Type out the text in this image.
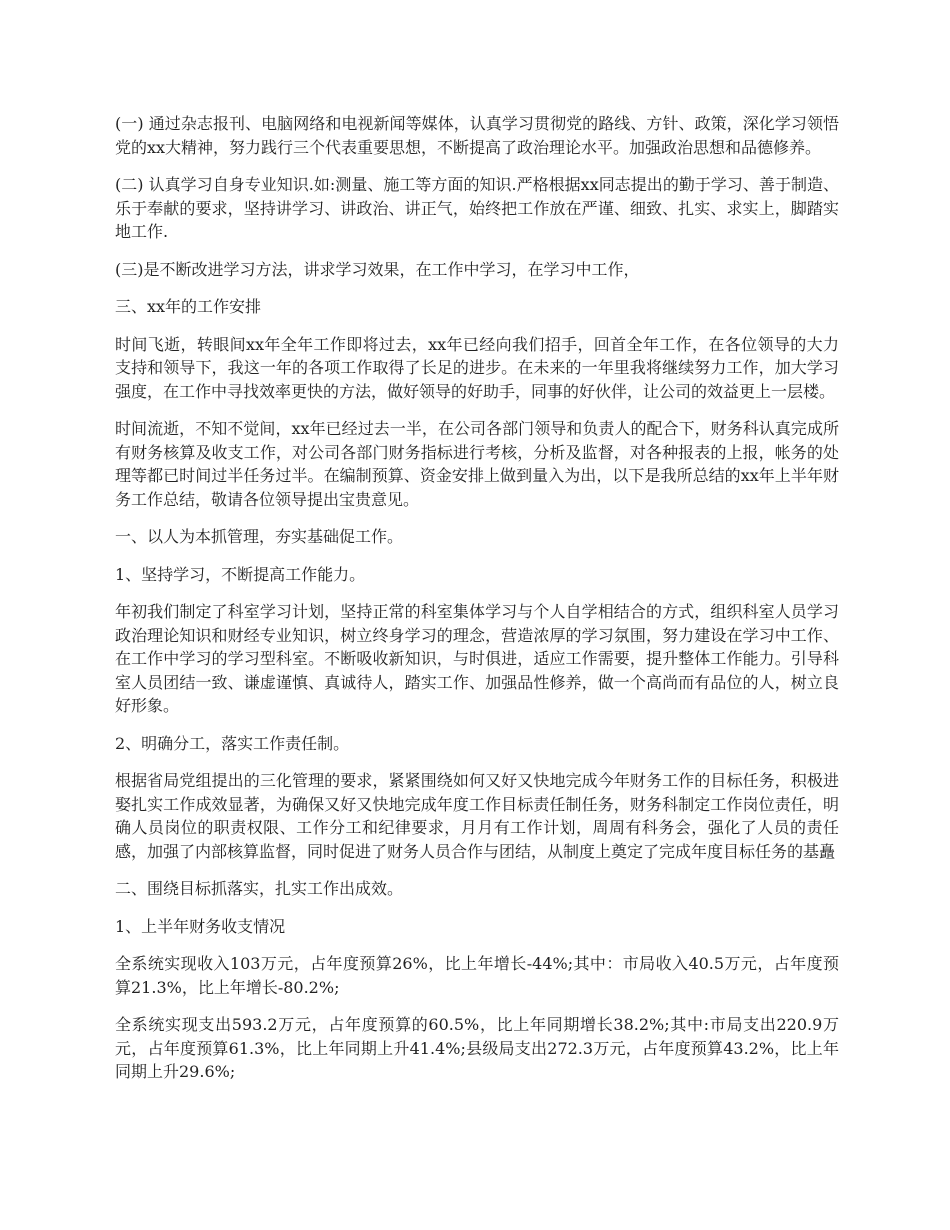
(一) 通过杂志报刊、电脑网络和电视新闻等媒体，认真学习贯彻党的路线、方针、政策，深化学习领悟党的xx大精神，努力践行三个代表重要思想，不断提高了政治理论水平。加强政治思想和品德修养。

(二) 认真学习自身专业知识.如:测量、施工等方面的知识.严格根据xx同志提出的勤于学习、善于制造、乐于奉献的要求，坚持讲学习、讲政治、讲正气，始终把工作放在严谨、细致、扎实、求实上，脚踏实地工作.

(三)是不断改进学习方法，讲求学习效果，在工作中学习，在学习中工作，

三、xx年的工作安排

时间飞逝，转眼间xx年全年工作即将过去，xx年已经向我们招手，回首全年工作，在各位领导的大力支持和领导下，我这一年的各项工作取得了长足的进步。在未来的一年里我将继续努力工作，加大学习强度，在工作中寻找效率更快的方法，做好领导的好助手，同事的好伙伴，让公司的效益更上一层楼。

时间流逝，不知不觉间，xx年已经过去一半，在公司各部门领导和负责人的配合下，财务科认真完成所有财务核算及收支工作，对公司各部门财务指标进行考核，分析及监督，对各种报表的上报，帐务的处理等都已时间过半任务过半。在编制预算、资金安排上做到量入为出，以下是我所总结的xx年上半年财务工作总结，敬请各位领导提出宝贵意见。

一、以人为本抓管理，夯实基础促工作。

1、坚持学习，不断提高工作能力。

年初我们制定了科室学习计划，坚持正常的科室集体学习与个人自学相结合的方式，组织科室人员学习政治理论知识和财经专业知识，树立终身学习的理念，营造浓厚的学习氛围，努力建设在学习中工作、在工作中学习的学习型科室。不断吸收新知识，与时俱进，适应工作需要，提升整体工作能力。引导科室人员团结一致、谦虚谨慎、真诚待人，踏实工作、加强品性修养，做一个高尚而有品位的人，树立良好形象。

2、明确分工，落实工作责任制。

根据省局党组提出的三化管理的要求，紧紧围绕如何又好又快地完成今年财务工作的目标任务，积极进娶扎实工作成效显著，为确保又好又快地完成年度工作目标责任制任务，财务科制定工作岗位责任，明确人员岗位的职责权限、工作分工和纪律要求，月月有工作计划，周周有科务会，强化了人员的责任感，加强了内部核算监督，同时促进了财务人员合作与团结，从制度上奠定了完成年度目标任务的基矗

二、围绕目标抓落实，扎实工作出成效。

1、上半年财务收支情况

全系统实现收入103万元，占年度预算26%，比上年增长-44%;其中：市局收入40.5万元，占年度预算21.3%，比上年增长-80.2%;

全系统实现支出593.2万元，占年度预算的60.5%，比上年同期增长38.2%;其中:市局支出220.9万元，占年度预算61.3%，比上年同期上升41.4%;县级局支出272.3万元，占年度预算43.2%，比上年同期上升29.6%;
